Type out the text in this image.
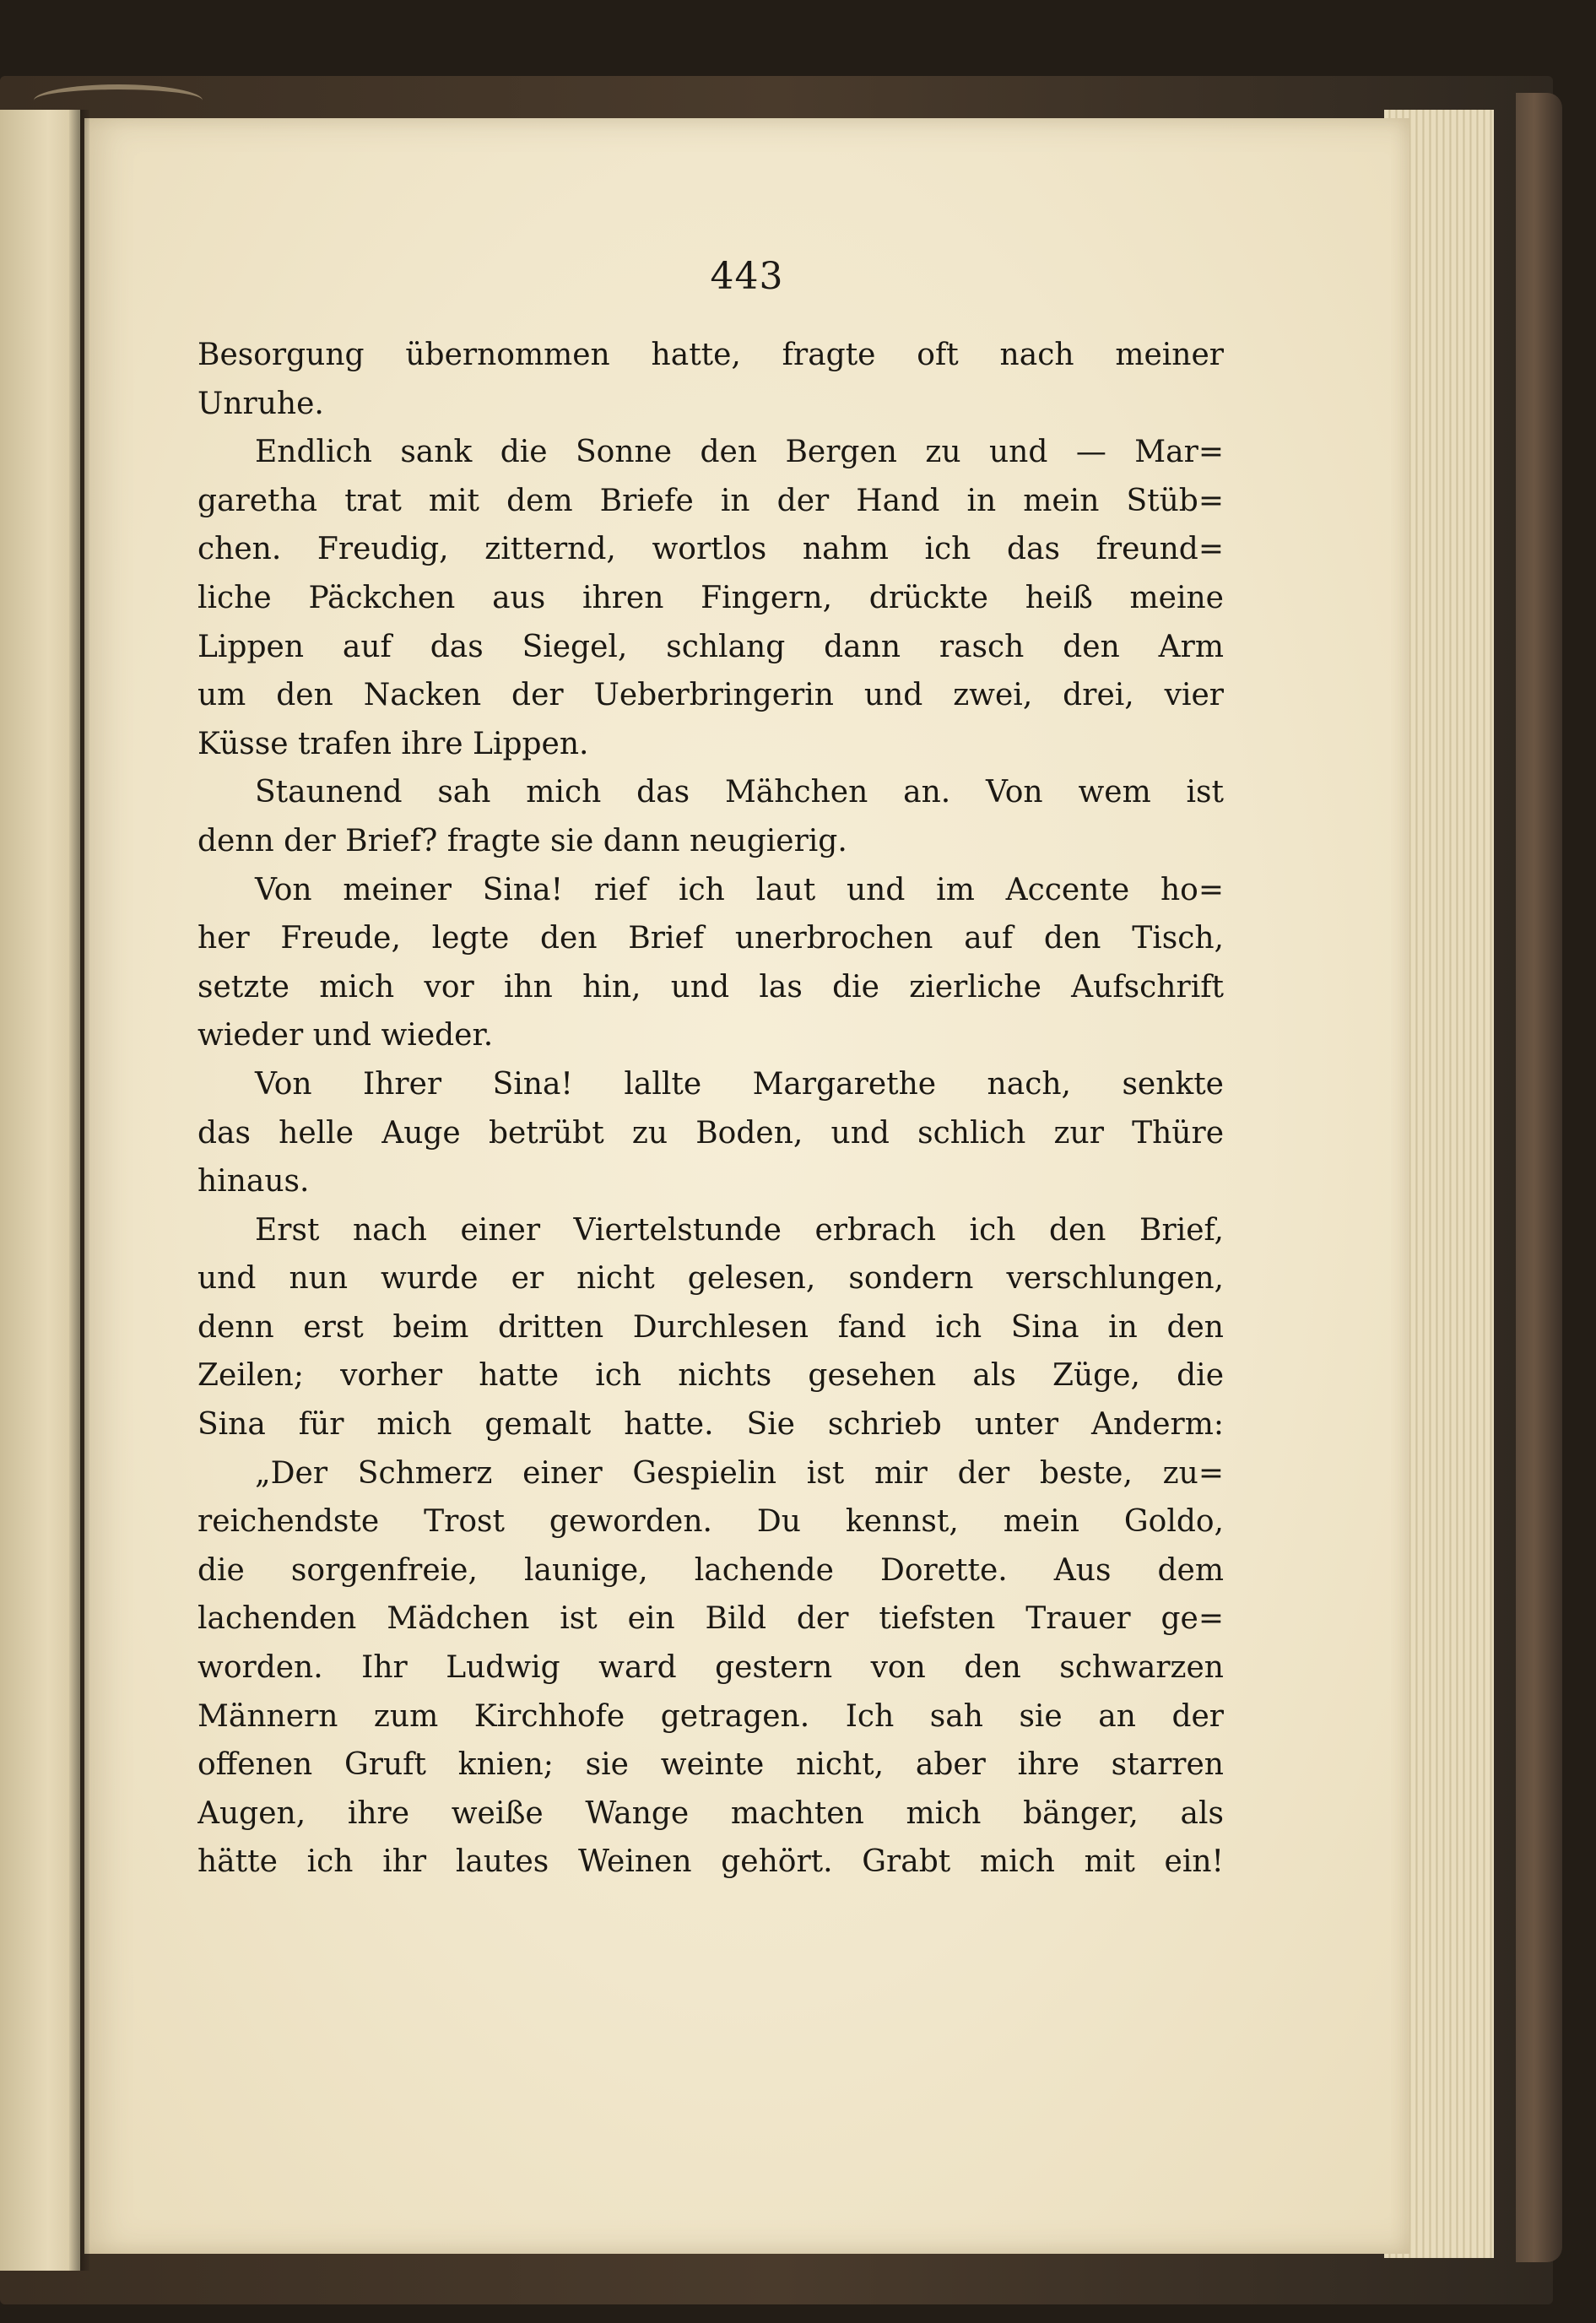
443
Besorgung übernommen hatte, fragte oft nach meiner
Unruhe.
Endlich sank die Sonne den Bergen zu und — Mar=
garetha trat mit dem Briefe in der Hand in mein Stüb=
chen. Freudig, zitternd, wortlos nahm ich das freund=
liche Päckchen aus ihren Fingern, drückte heiß meine
Lippen auf das Siegel, schlang dann rasch den Arm
um den Nacken der Ueberbringerin und zwei, drei, vier
Küsse trafen ihre Lippen.
Staunend sah mich das Mähchen an. Von wem ist
denn der Brief? fragte sie dann neugierig.
Von meiner Sina! rief ich laut und im Accente ho=
her Freude, legte den Brief unerbrochen auf den Tisch,
setzte mich vor ihn hin, und las die zierliche Aufschrift
wieder und wieder.
Von Ihrer Sina! lallte Margarethe nach, senkte
das helle Auge betrübt zu Boden, und schlich zur Thüre
hinaus.
Erst nach einer Viertelstunde erbrach ich den Brief,
und nun wurde er nicht gelesen, sondern verschlungen,
denn erst beim dritten Durchlesen fand ich Sina in den
Zeilen; vorher hatte ich nichts gesehen als Züge, die
Sina für mich gemalt hatte. Sie schrieb unter Anderm:
„Der Schmerz einer Gespielin ist mir der beste, zu=
reichendste Trost geworden. Du kennst, mein Goldo,
die sorgenfreie, launige, lachende Dorette. Aus dem
lachenden Mädchen ist ein Bild der tiefsten Trauer ge=
worden. Ihr Ludwig ward gestern von den schwarzen
Männern zum Kirchhofe getragen. Ich sah sie an der
offenen Gruft knien; sie weinte nicht, aber ihre starren
Augen, ihre weiße Wange machten mich bänger, als
hätte ich ihr lautes Weinen gehört. Grabt mich mit ein!
